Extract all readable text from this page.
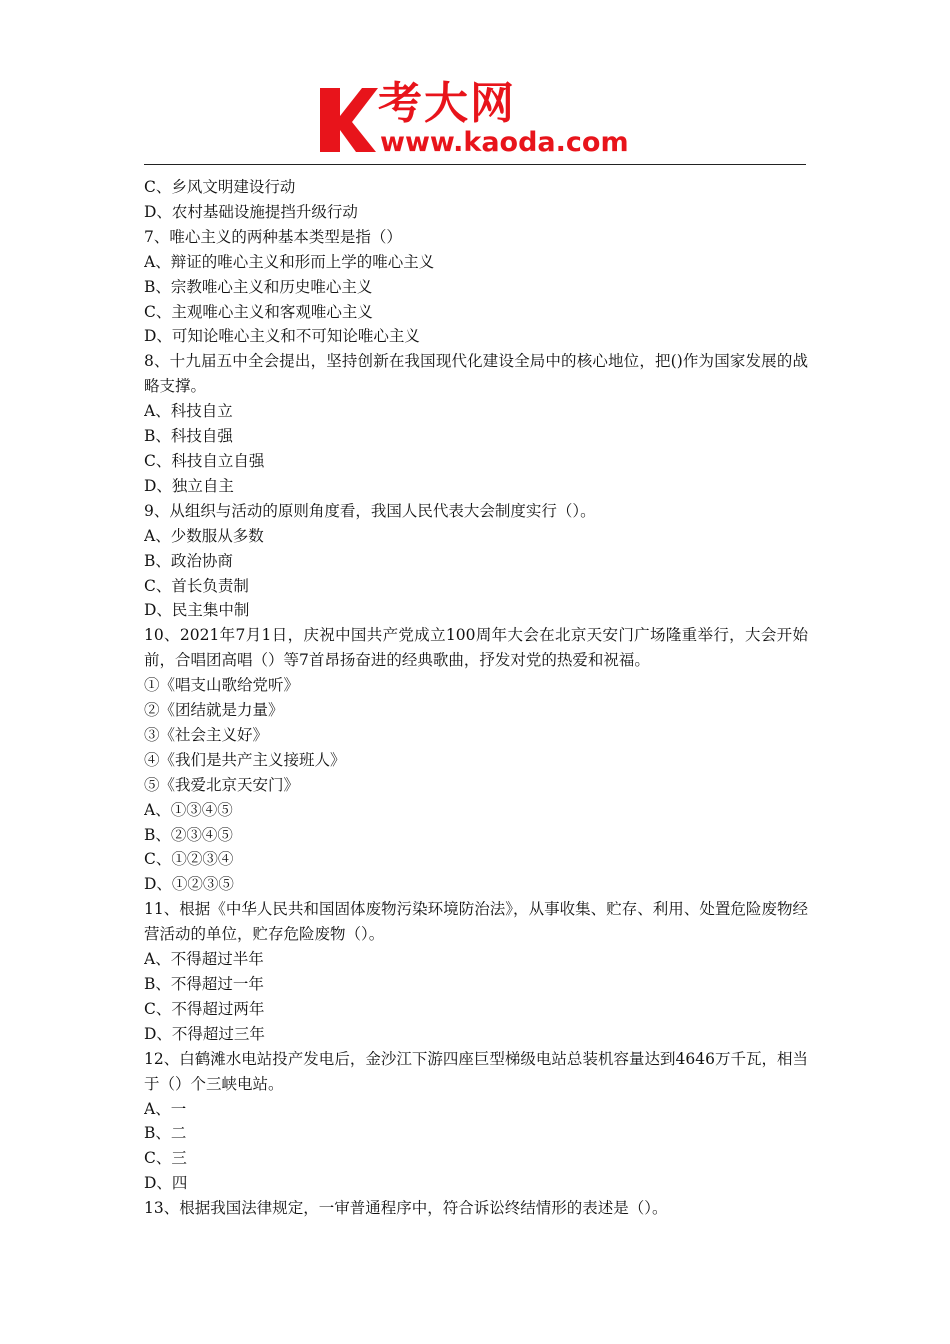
考大网
www.kaoda.com
C、乡风文明建设行动
D、农村基础设施提挡升级行动
7、唯心主义的两种基本类型是指（）
A、辩证的唯心主义和形而上学的唯心主义
B、宗教唯心主义和历史唯心主义
C、主观唯心主义和客观唯心主义
D、可知论唯心主义和不可知论唯心主义
8、十九届五中全会提出，坚持创新在我国现代化建设全局中的核心地位，把()作为国家发展的战略支撑。
A、科技自立
B、科技自强
C、科技自立自强
D、独立自主
9、从组织与活动的原则角度看，我国人民代表大会制度实行（）。
A、少数服从多数
B、政治协商
C、首长负责制
D、民主集中制
10、2021年7月1日，庆祝中国共产党成立100周年大会在北京天安门广场隆重举行，大会开始前，合唱团高唱（）等7首昂扬奋进的经典歌曲，抒发对党的热爱和祝福。
①《唱支山歌给党听》
②《团结就是力量》
③《社会主义好》
④《我们是共产主义接班人》
⑤《我爱北京天安门》
A、①③④⑤
B、②③④⑤
C、①②③④
D、①②③⑤
11、根据《中华人民共和国固体废物污染环境防治法》，从事收集、贮存、利用、处置危险废物经营活动的单位，贮存危险废物（）。
A、不得超过半年
B、不得超过一年
C、不得超过两年
D、不得超过三年
12、白鹤滩水电站投产发电后，金沙江下游四座巨型梯级电站总装机容量达到4646万千瓦，相当于（）个三峡电站。
A、一
B、二
C、三
D、四
13、根据我国法律规定，一审普通程序中，符合诉讼终结情形的表述是（）。
